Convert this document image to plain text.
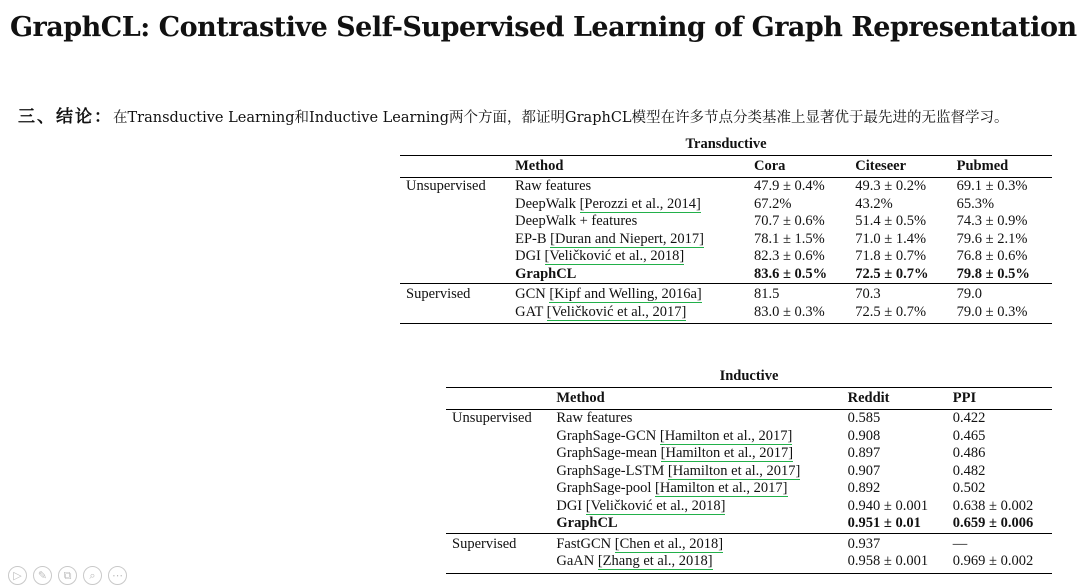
GraphCL: Contrastive Self-Supervised Learning of Graph Representation
三、结论：在Transductive Learning和Inductive Learning两个方面，都证明GraphCL模型在许多节点分类基准上显著优于最先进的无监督学习。
Transductive
	Method	Cora	Citeseer	Pubmed
Unsupervised	Raw features	47.9 ± 0.4%	49.3 ± 0.2%	69.1 ± 0.3%
	DeepWalk [Perozzi et al., 2014]	67.2%	43.2%	65.3%
	DeepWalk + features	70.7 ± 0.6%	51.4 ± 0.5%	74.3 ± 0.9%
	EP-B [Duran and Niepert, 2017]	78.1 ± 1.5%	71.0 ± 1.4%	79.6 ± 2.1%
	DGI [Veličković et al., 2018]	82.3 ± 0.6%	71.8 ± 0.7%	76.8 ± 0.6%
	GraphCL	83.6 ± 0.5%	72.5 ± 0.7%	79.8 ± 0.5%
Supervised	GCN [Kipf and Welling, 2016a]	81.5	70.3	79.0
	GAT [Veličković et al., 2017]	83.0 ± 0.3%	72.5 ± 0.7%	79.0 ± 0.3%
Inductive
	Method	Reddit	PPI
Unsupervised	Raw features	0.585	0.422
	GraphSage-GCN [Hamilton et al., 2017]	0.908	0.465
	GraphSage-mean [Hamilton et al., 2017]	0.897	0.486
	GraphSage-LSTM [Hamilton et al., 2017]	0.907	0.482
	GraphSage-pool [Hamilton et al., 2017]	0.892	0.502
	DGI [Veličković et al., 2018]	0.940 ± 0.001	0.638 ± 0.002
	GraphCL	0.951 ± 0.01	0.659 ± 0.006
Supervised	FastGCN [Chen et al., 2018]	0.937	—
	GaAN [Zhang et al., 2018]	0.958 ± 0.001	0.969 ± 0.002
▷	✎	⧉	⌕	⋯
